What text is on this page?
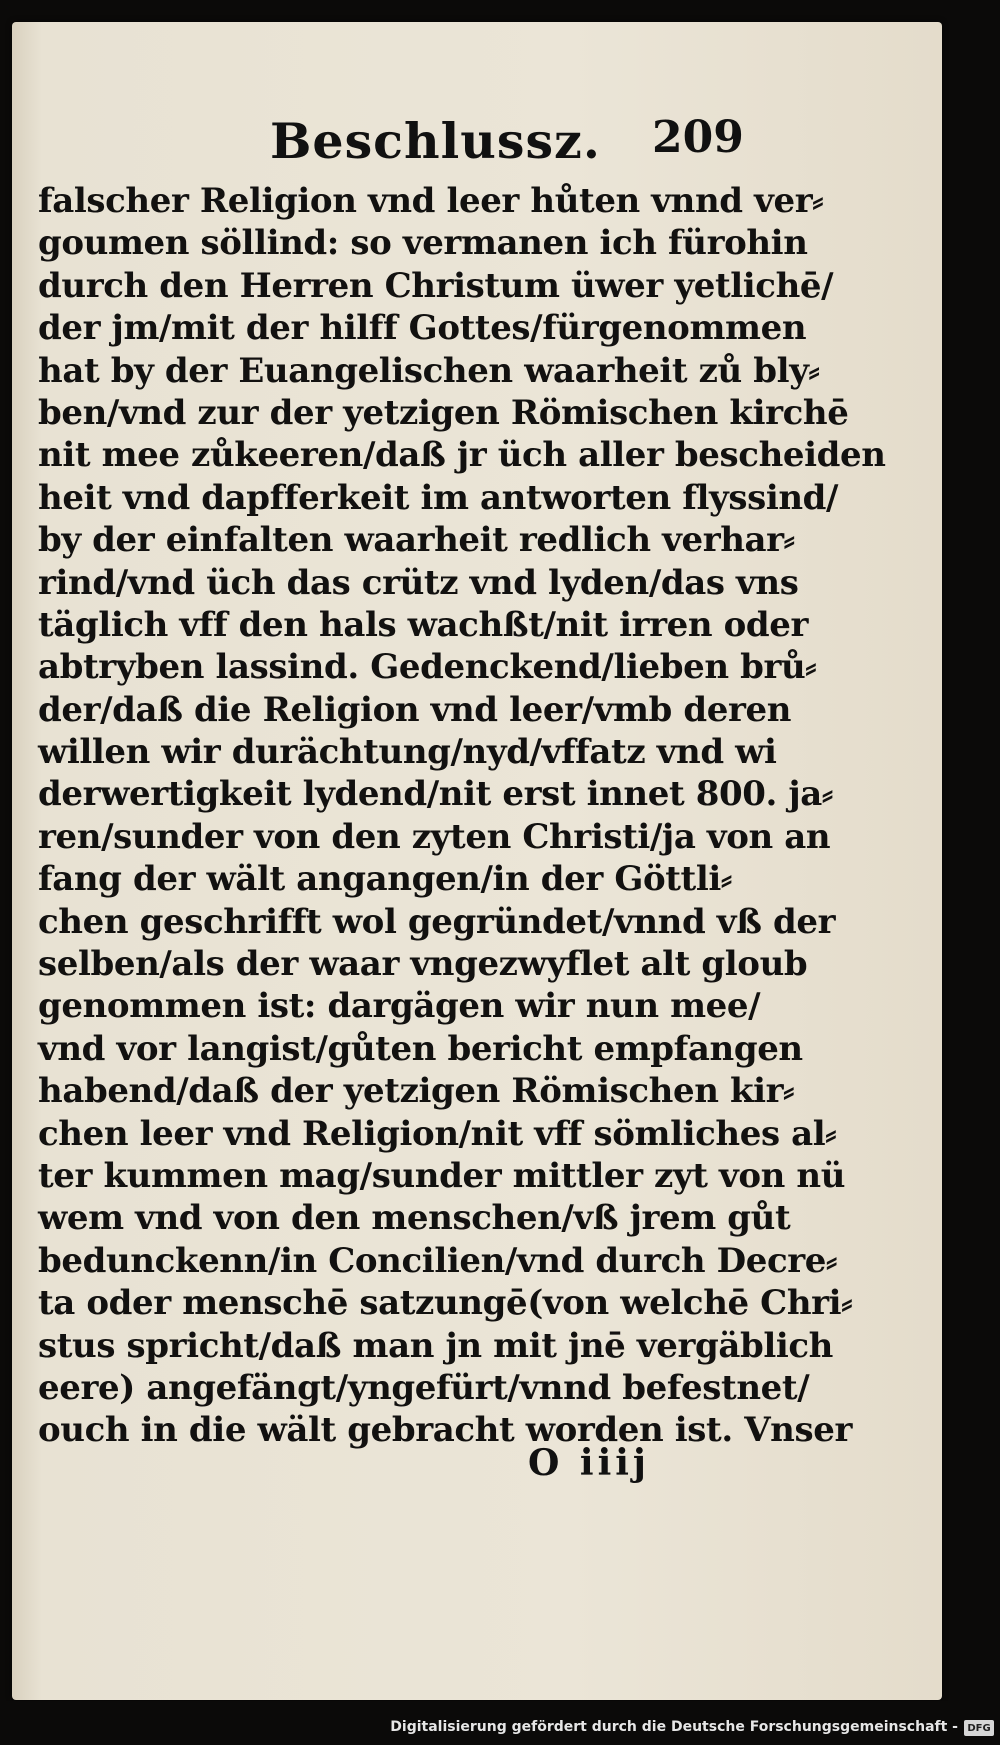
Beschlussz. 209
falscher Religion vnd leer hůten vnnd ver⸗
goumen söllind: so vermanen ich fürohin
durch den Herren Christum üwer yetlichē/
der jm/mit der hilff Gottes/fürgenommen
hat by der Euangelischen waarheit zů bly⸗
ben/vnd zur der yetzigen Römischen kirchē
nit mee zůkeeren/daß jr üch aller bescheiden
heit vnd dapfferkeit im antworten flyssind/
by der einfalten waarheit redlich verhar⸗
rind/vnd üch das crütz vnd lyden/das vns
täglich vff den hals wachßt/nit irren oder
abtryben lassind. Gedenckend/lieben brů⸗
der/daß die Religion vnd leer/vmb deren
willen wir durächtung/nyd/vffatz vnd wi
derwertigkeit lydend/nit erst innet 800. ja⸗
ren/sunder von den zyten Christi/ja von an
fang der wält angangen/in der Göttli⸗
chen geschrifft wol gegründet/vnnd vß der
selben/als der waar vngezwyflet alt gloub
genommen ist: dargägen wir nun mee/
vnd vor langist/gůten bericht empfangen
habend/daß der yetzigen Römischen kir⸗
chen leer vnd Religion/nit vff sömliches al⸗
ter kummen mag/sunder mittler zyt von nü
wem vnd von den menschen/vß jrem gůt
bedunckenn/in Concilien/vnd durch Decre⸗
ta oder menschē satzungē(von welchē Chri⸗
stus spricht/daß man jn mit jnē vergäblich
eere) angefängt/yngefürt/vnnd befestnet/
ouch in die wält gebracht worden ist. Vnser
O iiij
Digitalisierung gefördert durch die Deutsche Forschungsgemeinschaft - DFG
